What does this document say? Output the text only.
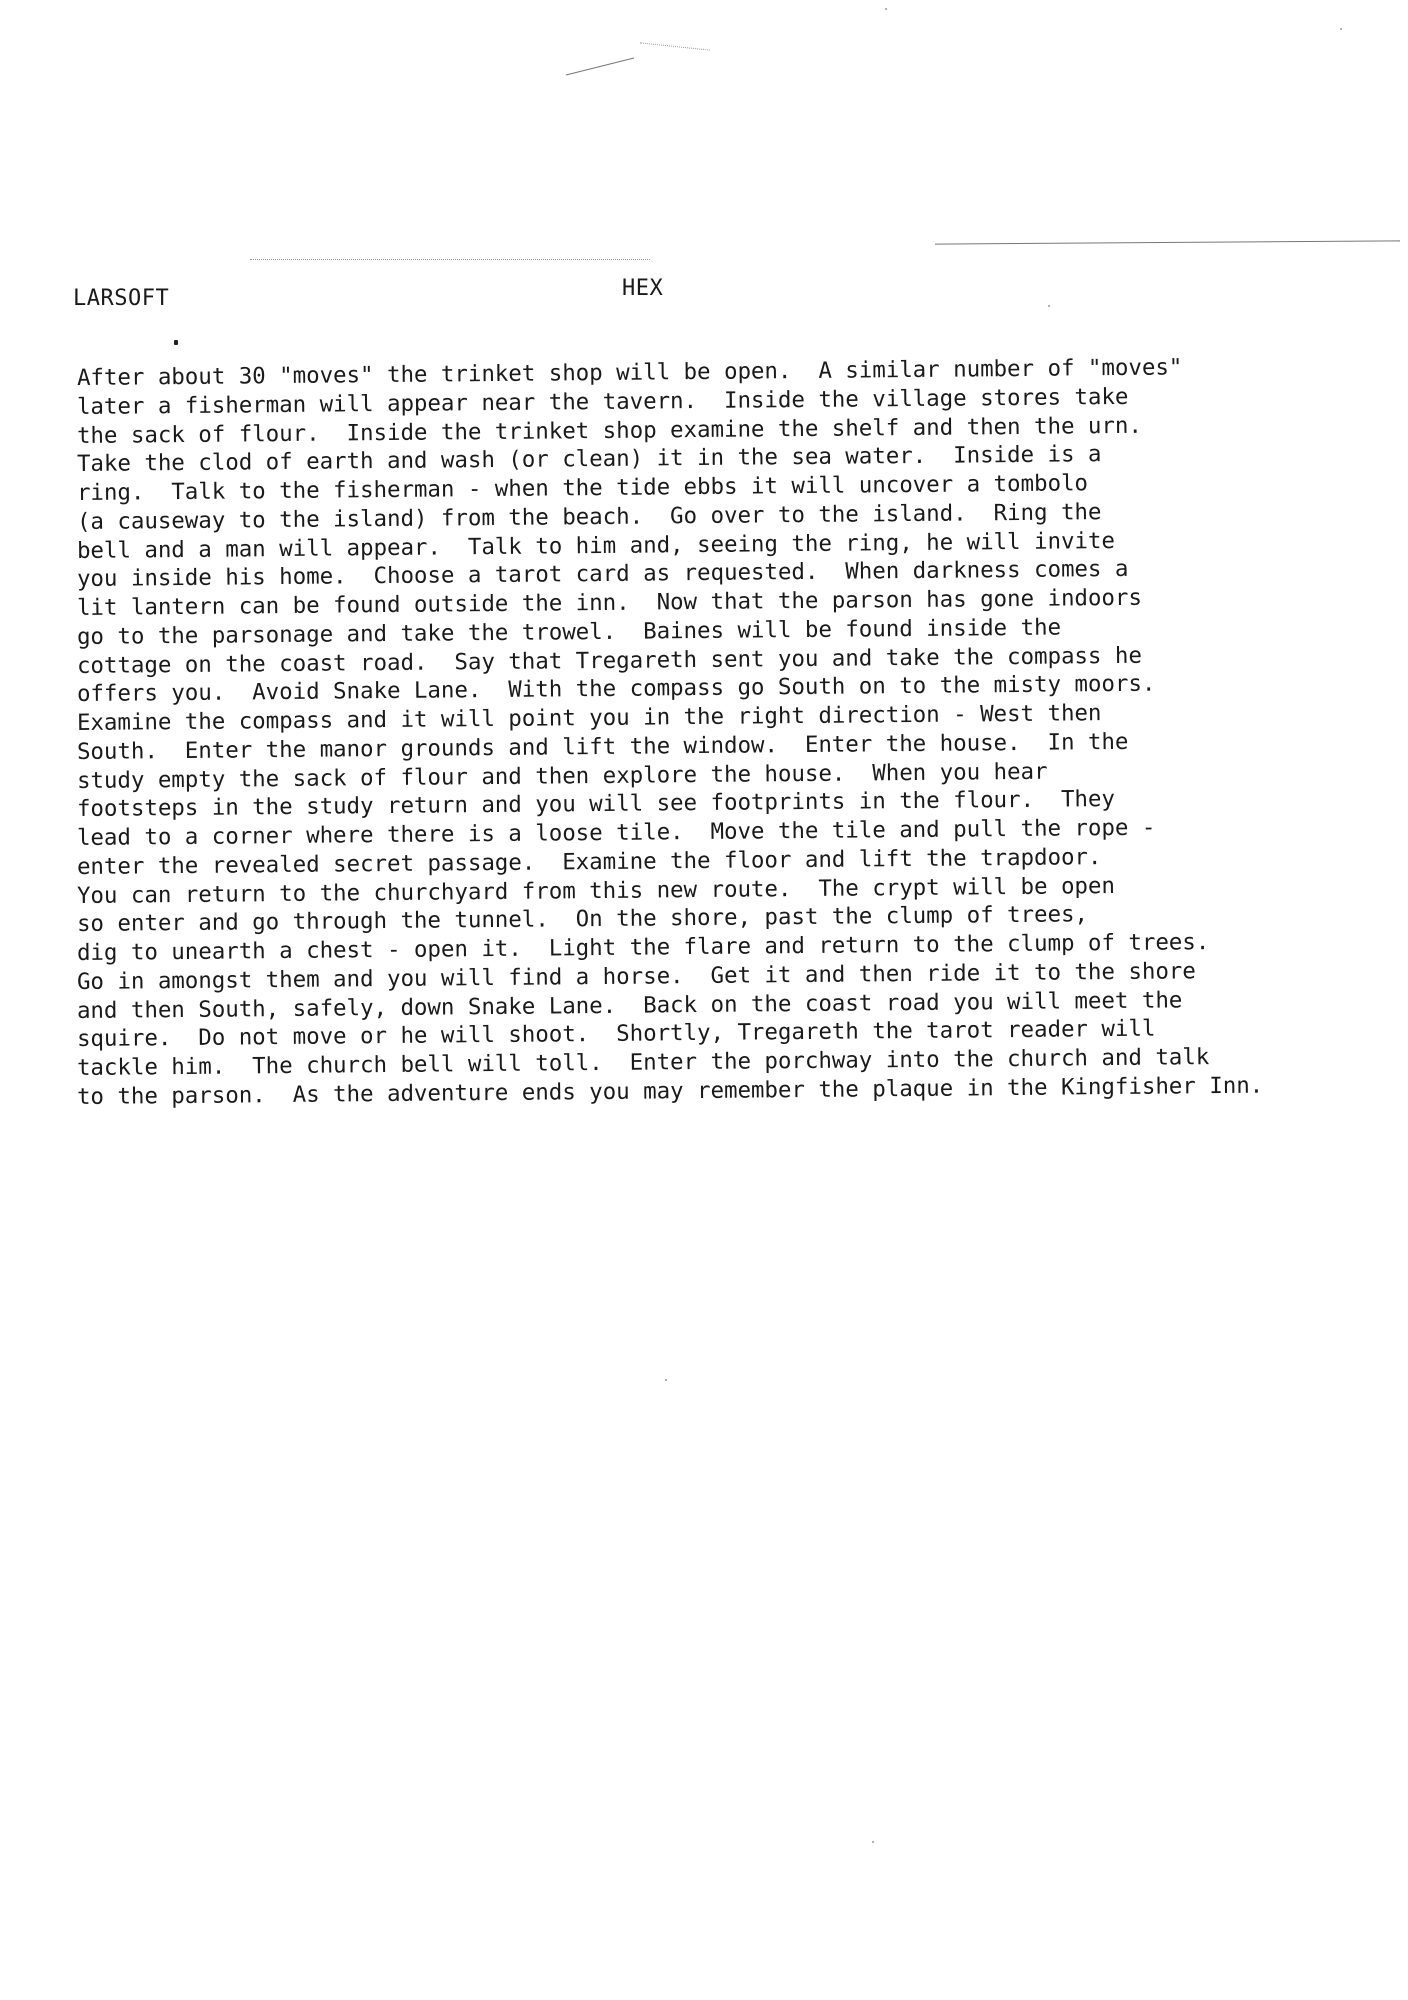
LARSOFT	HEX
After about 30 "moves" the trinket shop will be open.  A similar number of "moves"
later a fisherman will appear near the tavern.  Inside the village stores take
the sack of flour.  Inside the trinket shop examine the shelf and then the urn.
Take the clod of earth and wash (or clean) it in the sea water.  Inside is a
ring.  Talk to the fisherman - when the tide ebbs it will uncover a tombolo
(a causeway to the island) from the beach.  Go over to the island.  Ring the
bell and a man will appear.  Talk to him and, seeing the ring, he will invite
you inside his home.  Choose a tarot card as requested.  When darkness comes a
lit lantern can be found outside the inn.  Now that the parson has gone indoors
go to the parsonage and take the trowel.  Baines will be found inside the
cottage on the coast road.  Say that Tregareth sent you and take the compass he
offers you.  Avoid Snake Lane.  With the compass go South on to the misty moors.
Examine the compass and it will point you in the right direction - West then
South.  Enter the manor grounds and lift the window.  Enter the house.  In the
study empty the sack of flour and then explore the house.  When you hear
footsteps in the study return and you will see footprints in the flour.  They
lead to a corner where there is a loose tile.  Move the tile and pull the rope -
enter the revealed secret passage.  Examine the floor and lift the trapdoor.
You can return to the churchyard from this new route.  The crypt will be open
so enter and go through the tunnel.  On the shore, past the clump of trees,
dig to unearth a chest - open it.  Light the flare and return to the clump of trees.
Go in amongst them and you will find a horse.  Get it and then ride it to the shore
and then South, safely, down Snake Lane.  Back on the coast road you will meet the
squire.  Do not move or he will shoot.  Shortly, Tregareth the tarot reader will
tackle him.  The church bell will toll.  Enter the porchway into the church and talk
to the parson.  As the adventure ends you may remember the plaque in the Kingfisher Inn.
